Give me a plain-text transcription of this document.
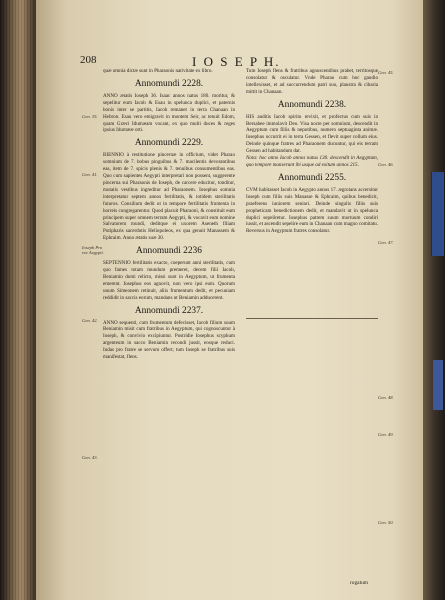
208	I O S E P H.

quæ omnia dictæ sunt in Pharaonis nativitate ex libro.

Annomundi 2228.

ANNO ætatis Ioseph 36. Isaac annos natus 180. moritur, & sepelitur eum Iacob & Esau in spelunca duplici, et paternis bonis inter se partitis, Iacob remanet in terra Chanaan in Hebron. Esau vero emigravit in montem Seir, ac tenuit Edom, quam Græci Idumæam vocant, ex quo multi duces & reges ipsius Idumææ orti.

Annomundi 2229.

BIENNIO à restitutione pincernæ in officium, videt Pharao somnium de 7. bobus pinguibus & 7. macilentis devorantibus eas, item de 7. spicis plenis & 7. tenuibus consumentibus eas. Quo cum sapientes Aegypti interpretari non possent, suggerente pincerna sui Pharaonis de Ioseph, de carcere educitur, tonditur, mutatis vestibus ingreditur ad Pharaonem. Iosephus somnia interpretatur septem annos fertilitatis, & totidem sterilitatis futuros. Consilium dedit ut in tempore fertilitatis frumenta in horreis congregarentur. Quod placuit Pharaoni, & constituit eum principem super omnem terram Aegypti, & vocavit eum nomine Salvatorem mundi, deditque ei uxorem Aseneth filiam Putipharis sacerdotis Heliopoleos, ex qua genuit Manassem & Ephraim. Anno ætatis suæ 30.

Annomundi 2236

SEPTENNIO fertilitatis exacto, coeperunt anni sterilitatis, cum quo fames totam mundum premeret, decem filii Iacob, Beniamin domi relicto, missi sunt in Aegyptum, ut frumenta emerent. Iosephus eos agnovit, non vero ipsi eum. Quorum unum Simeonem retinuit, aliis frumentum dedit, et pecuniam reddidit in saccis eorum, mandans ut Beniamin adducerent.

Annomundi 2237.

ANNO sequenti, cum frumentum defecisset, Iacob filium suum Beniamin misit cum fratribus in Aegyptum, qui cognoscuntur à Ioseph, & convivio excipiuntur. Postridie Iosephus scyphum argenteum in sacco Beniamin recondi jussit, eosque reduci. Iudas pro fratre se servum offert; tum Ioseph se fratribus suis manifestat, flens.

Tum Ioseph flens & fratribus agnoscentibus prabet, territosque consolatur & osculatur. Vnde Pharao cum hoc gaudio intellexisset, et ad succurrendum patri suo, plaustra & cibaria mittit in Chanaan.

Annomundi 2238.

HIS auditis Iacob spiritu revixit, et profectus cum suis in Bersabee immolavit Deo. Visa nocte per somnium, descendit in Aegyptum cum filiis & nepotibus, numero septuaginta animæ. Iosephus occurrit ei in terra Gessen, et flevit super collum eius. Deinde quinque fratres ad Pharaonem ducuntur, qui eis terram Gessen ad habitandum dat.

Nota: hoc anno Iacob annos natus 130. descendit in Aegyptum, quo tempore manserunt ibi usque ad exitum annos 215.

Annomundi 2255.

CVM habitasset Iacob in Aegypto annos 17. ægrotans accersitur Ioseph cum filiis suis Manasse & Ephraim, quibus benedicit, praeferens iuniorem seniori. Deinde singulis filiis suis propheticam benedictionem dedit, et mandavit ut in spelunca duplici sepeliretur. Iosephus patrem suum mortuum condiri iussit, et ascendit sepelire eum in Chanaan cum magno comitatu. Reversus in Aegyptum fratres consolatur.

Gen. 35.
Gen. 41.
Ioseph Pro rex Aegypti.
Gen. 42.
Gen. 43.
Gen. 45.
Gen. 46.
Gen. 47.
Gen. 48.
Gen. 49.
Gen. 50.
rogatum
